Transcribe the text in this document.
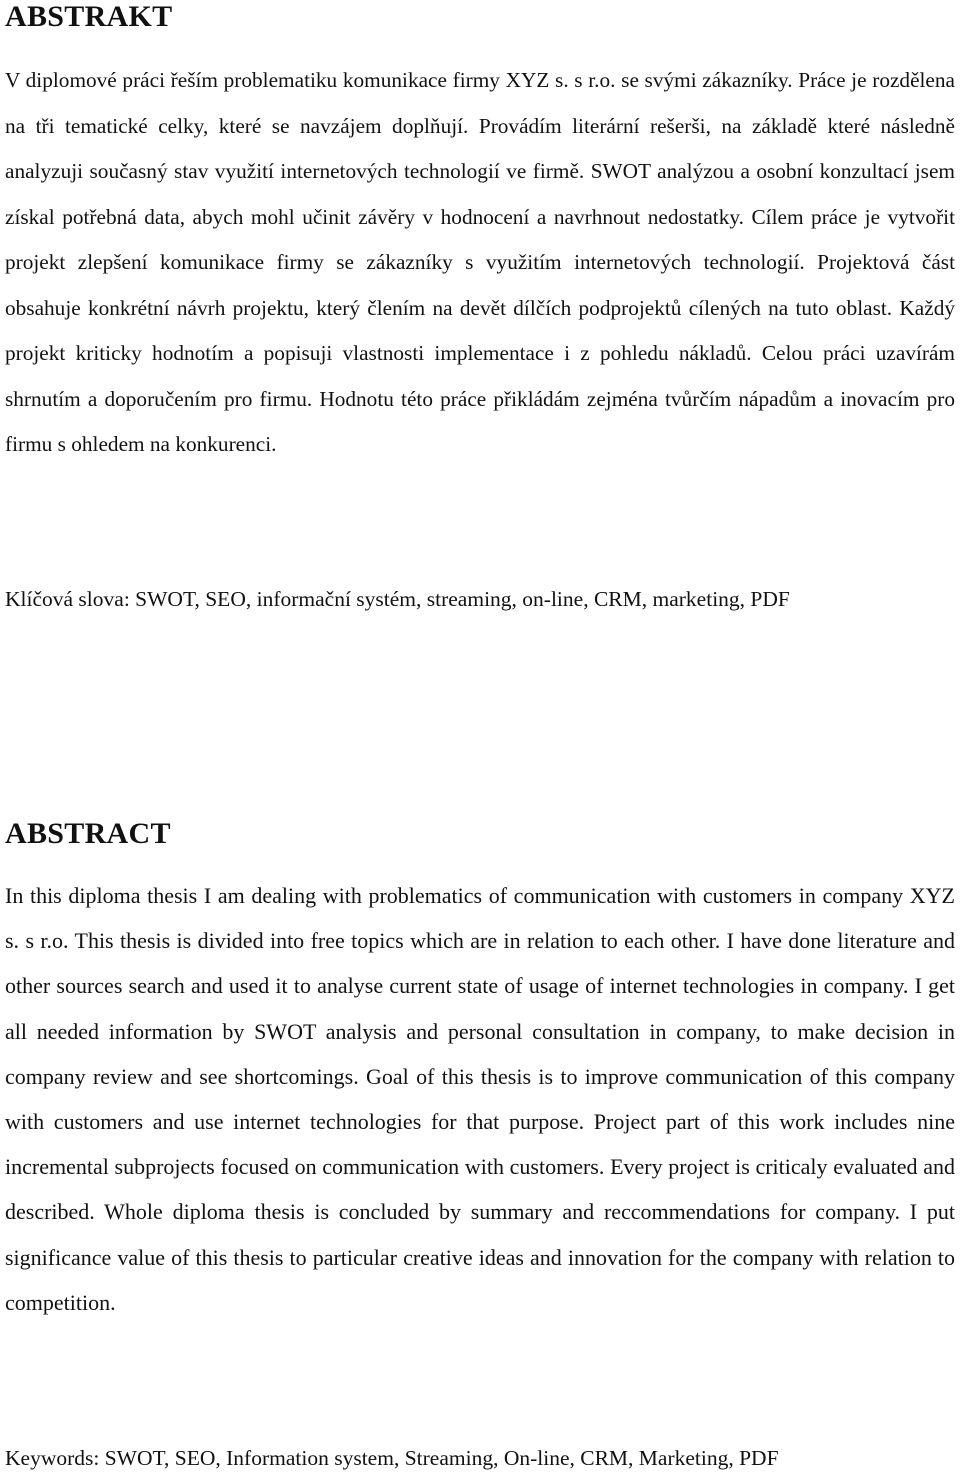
ABSTRAKT

V diplomové práci řeším problematiku komunikace firmy XYZ s. s r.o. se svými zákazníky. Práce je rozdělena na tři tematické celky, které se navzájem doplňují. Provádím literární rešerši, na základě které následně analyzuji současný stav využití internetových technologií ve firmě. SWOT analýzou a osobní konzultací jsem získal potřebná data, abych mohl učinit závěry v hodnocení a navrhnout nedostatky. Cílem práce je vytvořit projekt zlepšení komunikace firmy se zákazníky s využitím internetových technologií. Projektová část obsahuje konkrétní návrh projektu, který člením na devět dílčích podprojektů cílených na tuto oblast. Každý projekt kriticky hodnotím a popisuji vlastnosti implementace i z pohledu nákladů. Celou práci uzavírám shrnutím a doporučením pro firmu. Hodnotu této práce přikládám zejména tvůrčím nápadům a inovacím pro firmu s ohledem na konkurenci.

Klíčová slova: SWOT, SEO, informační systém, streaming, on-line, CRM, marketing, PDF

ABSTRACT

In this diploma thesis I am dealing with problematics of communication with customers in company XYZ s. s r.o. This thesis is divided into free topics which are in relation to each other. I have done literature and other sources search and used it to analyse current state of usage of internet technologies in company. I get all needed information by SWOT analysis and personal consultation in company, to make decision in company review and see shortcomings. Goal of this thesis is to improve communication of this company with customers and use internet technologies for that purpose. Project part of this work includes nine incremental subprojects focused on communication with customers. Every project is criticaly evaluated and described. Whole diploma thesis is concluded by summary and reccommendations for company. I put significance value of this thesis to particular creative ideas and innovation for the company with relation to competition.

Keywords: SWOT, SEO, Information system, Streaming, On-line, CRM, Marketing, PDF
